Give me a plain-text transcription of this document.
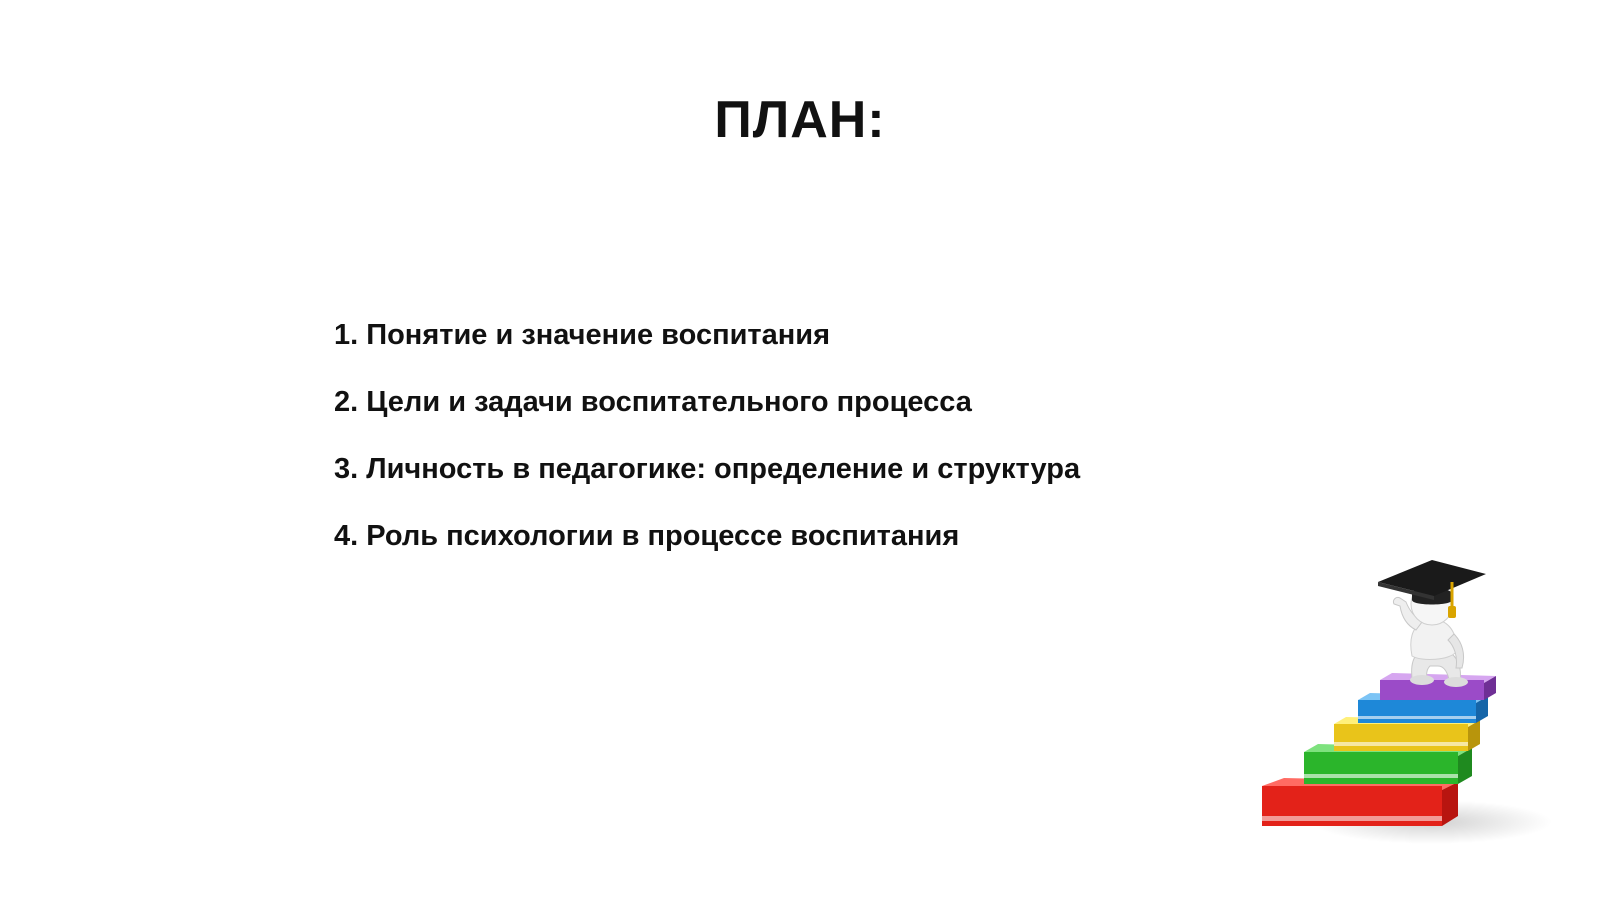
ПЛАН:
1. Понятие и значение воспитания
2. Цели и задачи воспитательного процесса
3. Личность в педагогике: определение и структура
4. Роль психологии в процессе воспитания
